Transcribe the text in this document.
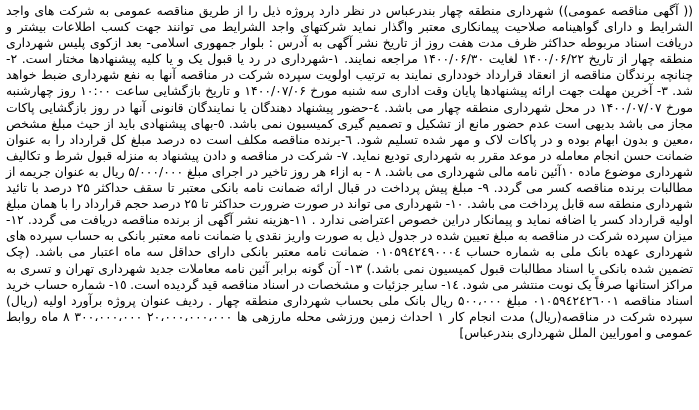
(( آگهی مناقصه عمومی)) شهرداری منطقه چهار بندرعباس در نظر دارد پروژه ذیل را از طریق مناقصه عمومی به شرکت های واجد الشرایط و دارای گواهینامه صلاحیت پیمانکاری معتبر واگذار نماید شرکتهای واجد الشرایط می توانند جهت کسب اطلاعات بیشتر و دریافت اسناد مربوطه حداکثر ظرف مدت هفت روز از تاریخ نشر آگهی به آدرس : بلوار جمهوری اسلامی- بعد ازکوی پلیس شهرداری منطقه چهار از تاریخ ۱۴۰۰/۰۶/۲۲ لغایت ۱۴۰۰/۰۶/۳۰ مراجعه نمایند. ۱-شهرداری در رد یا قبول یک و یا کلیه پیشنهادها مختار است. ۲- چنانچه برندگان مناقصه از انعقاد قرارداد خودداری نمایند به ترتیب اولویت سپرده شرکت در مناقصه آنها به نفع شهرداری ضبط خواهد شد. ۳- آخرین مهلت جهت ارائه پیشنهادها پایان وقت اداری سه شنبه مورخ ۱۴۰۰/۰۷/۰۶ و تاریخ بازگشایی ساعت ۱۰:۰۰ روز چهارشنبه مورخ ۱۴۰۰/۰۷/۰۷ در محل شهرداری منطقه چهار می باشد. ٤-حضور پیشنهاد دهندگان یا نمایندگان قانونی آنها در روز بازگشایی پاکات مجاز می باشد بدیهی است عدم حضور مانع از تشکیل و تصمیم گیری کمیسیون نمی باشد. ٥-بهای پیشنهادی باید از حیث مبلغ مشخص ،معین و بدون ابهام بوده و در پاکات لاک و مهر شده تسلیم شود. ٦-برنده مناقصه مکلف است ده درصد مبلغ کل قرارداد را به عنوان ضمانت حسن انجام معامله در موعد مقرر به شهرداری تودیع نماید. ۷- شرکت در مناقصه و دادن پیشنهاد به منزله قبول شرط و تکالیف شهرداری موضوع ماده ۱۰آئین نامه مالی شهرداری می باشد. ۸ - به ازاء هر روز تاخیر در اجرای مبلغ ۵/۰۰۰/۰۰۰ ریال به عنوان جریمه از مطالبات برنده مناقصه کسر می گردد. ۹- مبلغ پیش پرداخت در قبال ارائه ضمانت نامه بانکی معتبر تا سقف حداکثر ۲۵ درصد با تائید شهرداری منطقه سه قابل پرداخت می باشد. ۱۰- شهرداری می تواند در صورت ضرورت حداکثر تا ۲۵ درصد حجم قرارداد را با همان مبلغ اولیه قرارداد کسر یا اضافه نماید و پیمانکار دراین خصوص اعتراضی ندارد . ۱۱-هزینه نشر آگهی از برنده مناقصه دریافت می گردد. ۱۲-میزان سپرده شرکت در مناقصه به مبلغ تعیین شده در جدول ذیل به صورت واریز نقدی یا ضمانت نامه معتبر بانکی به حساب سپرده های شهرداری عهده بانک ملی به شماره حساب ۰۱۰۵۹٤۲٤۹۰۰٠٤ ضمانت نامه معتبر بانکی دارای حداقل سه ماه اعتبار می باشد. (چک تضمین شده بانکی یا اسناد مطالبات قبول کمیسیون نمی باشد.) ۱۳- آن گونه برابر آئین نامه معاملات جدید شهرداری تهران و تسری به مراکز استانها صرفاً یک نوبت منتشر می شود. ۱٤- سایر جزئیات و مشخصات در اسناد مناقصه قید گردیده است. ۱٥- شماره حساب خرید اسناد مناقصه ۰۱۰۵۹٤۲٤۲٦۰۰۱ مبلغ ۵۰۰،۰۰۰ ریال بانک ملی بحساب شهرداری منطقه چهار . ردیف عنوان پروژه برآورد اولیه (ریال) سپرده شرکت در مناقصه(ریال) مدت انجام کار ۱ احداث زمین ورزشی محله مارزهی ها ۲۰،۰۰۰،۰۰۰،۰۰۰ ۳۰۰،۰۰۰،۰۰۰ ۸ ماه روابط عمومی و امورایین الملل شهرداری بندرعباس]
